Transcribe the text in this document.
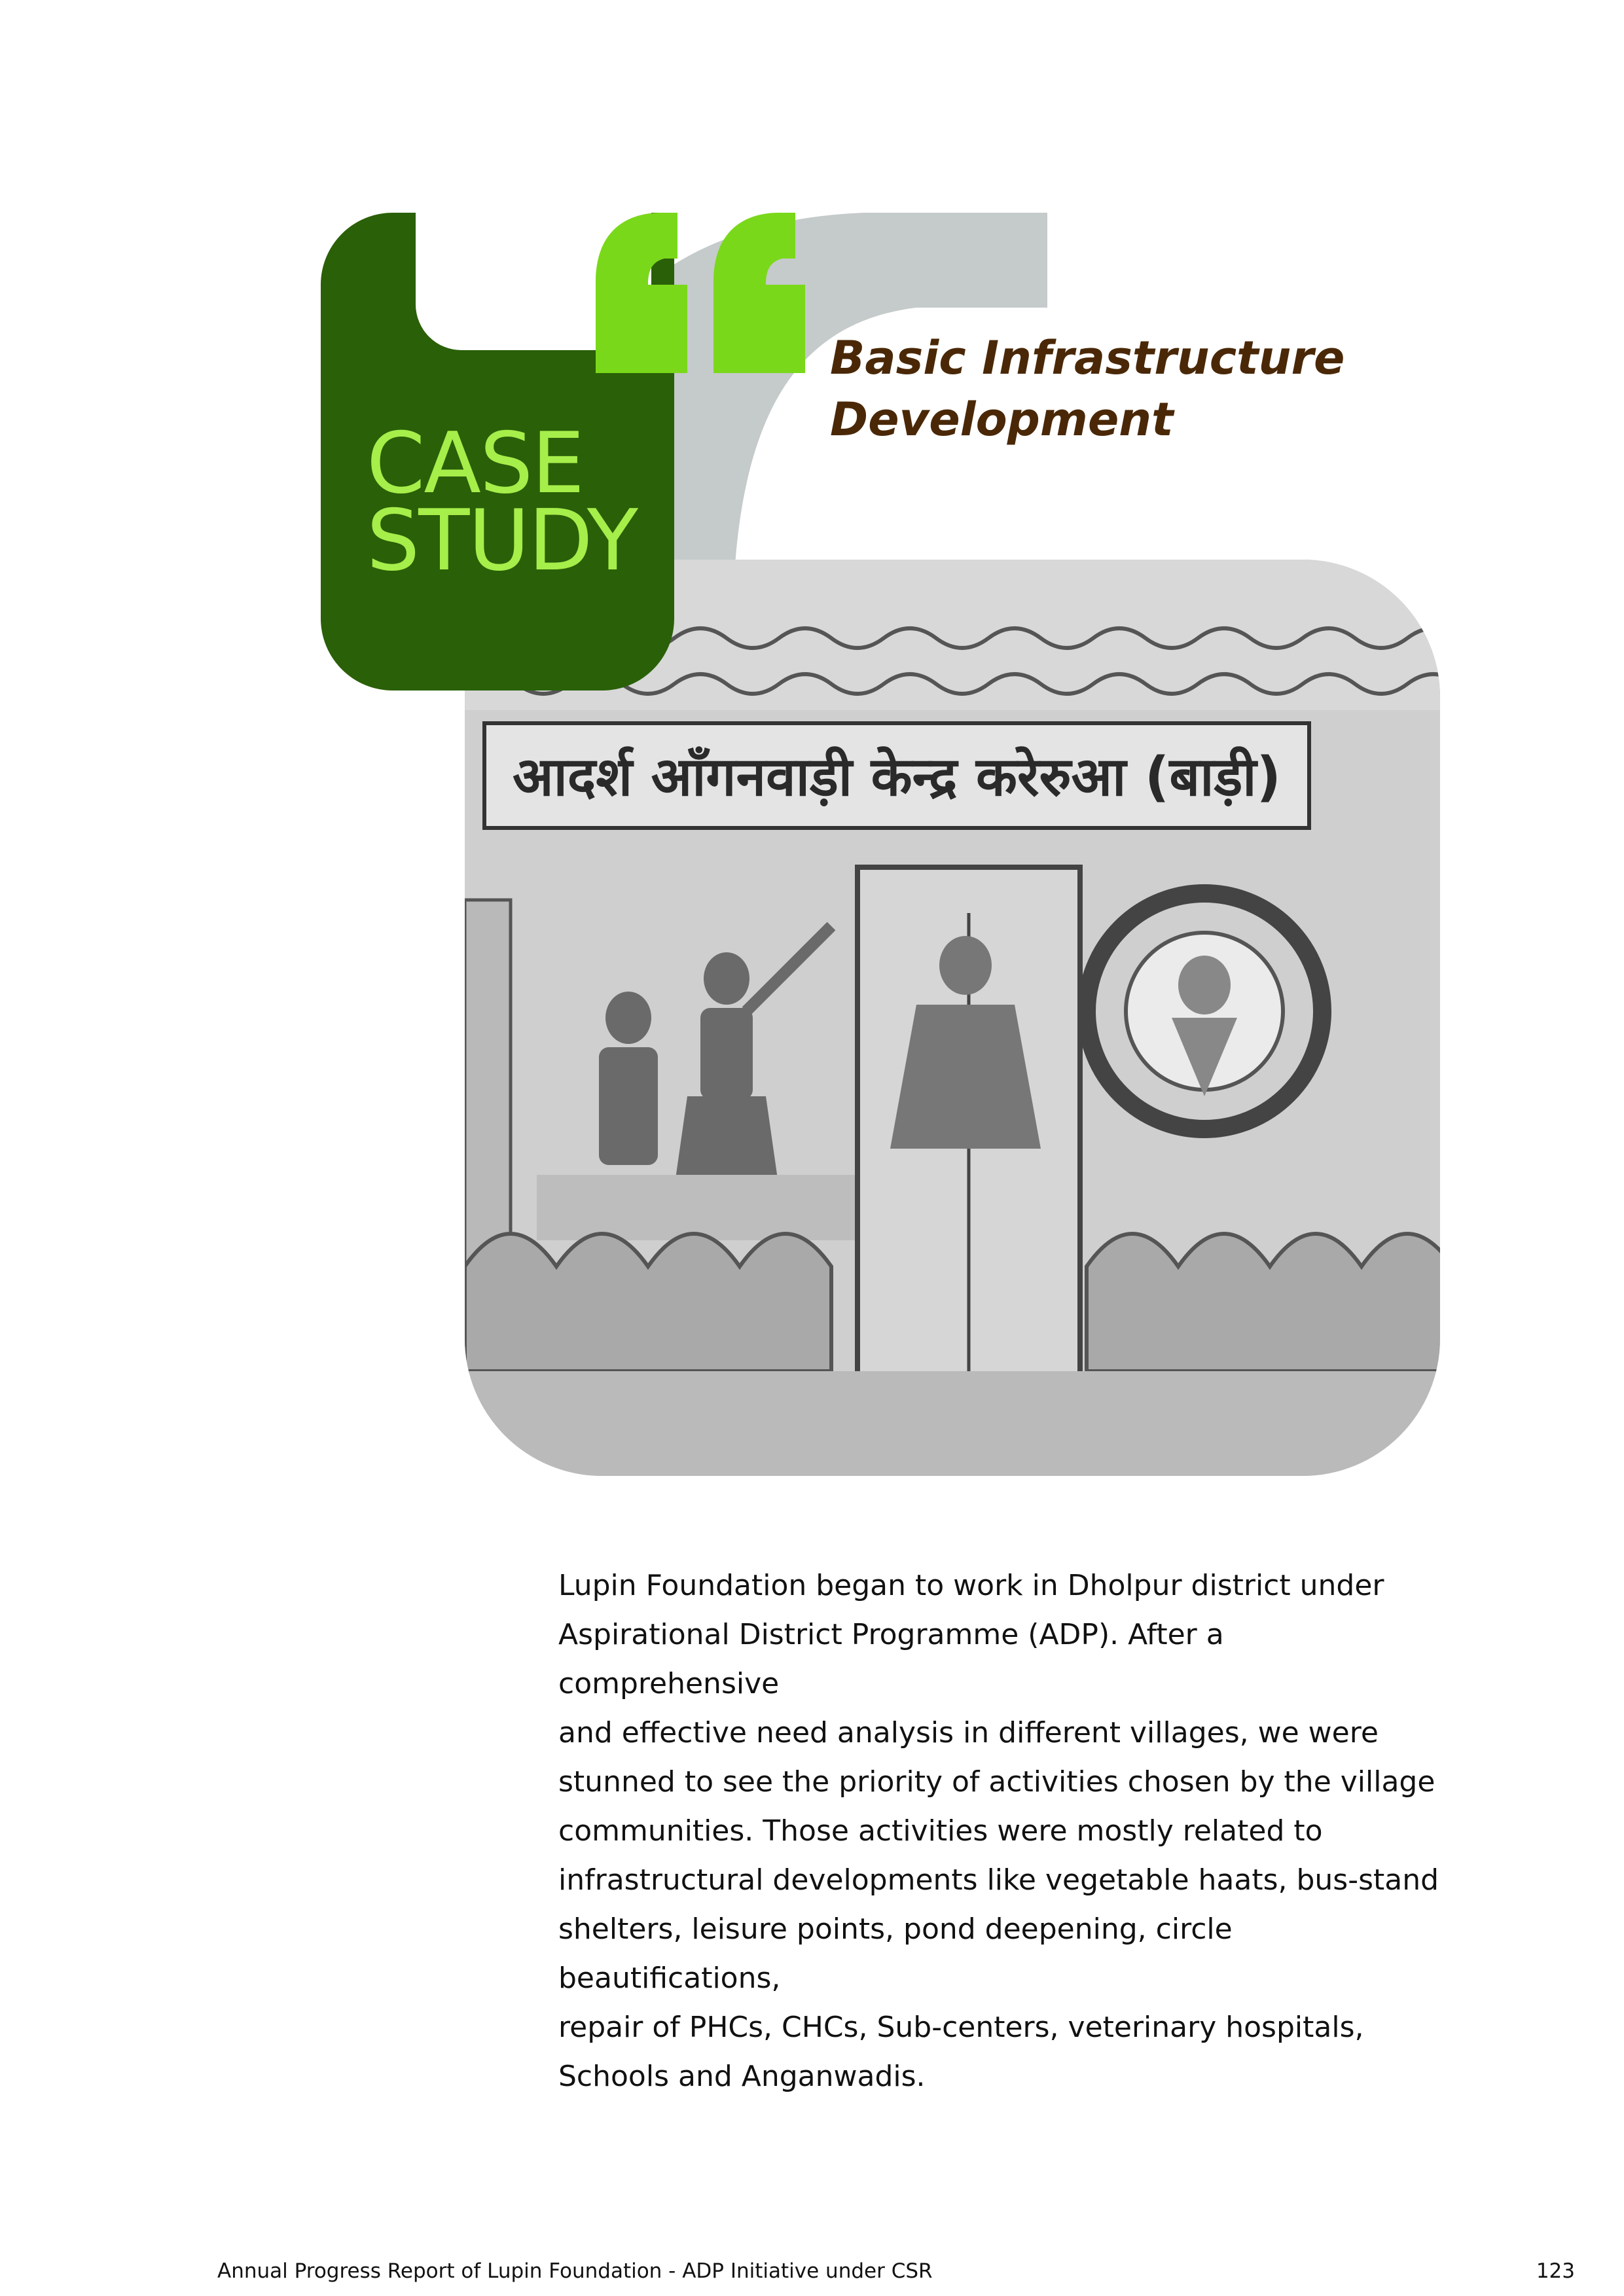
आदर्श आँगनवाड़ी केन्द्र करेरुआ (बाड़ी)
CASE
STUDY
Basic Infrastructure
Development
Lupin Foundation began to work in Dholpur district under
Aspirational District Programme (ADP). After a comprehensive
and effective need analysis in different villages, we were
stunned to see the priority of activities chosen by the village
communities. Those activities were mostly related to
infrastructural developments like vegetable haats, bus-stand
shelters, leisure points, pond deepening, circle beautifications,
repair of PHCs, CHCs, Sub-centers, veterinary hospitals,
Schools and Anganwadis.
Annual Progress Report of Lupin Foundation - ADP Initiative under CSR	123
